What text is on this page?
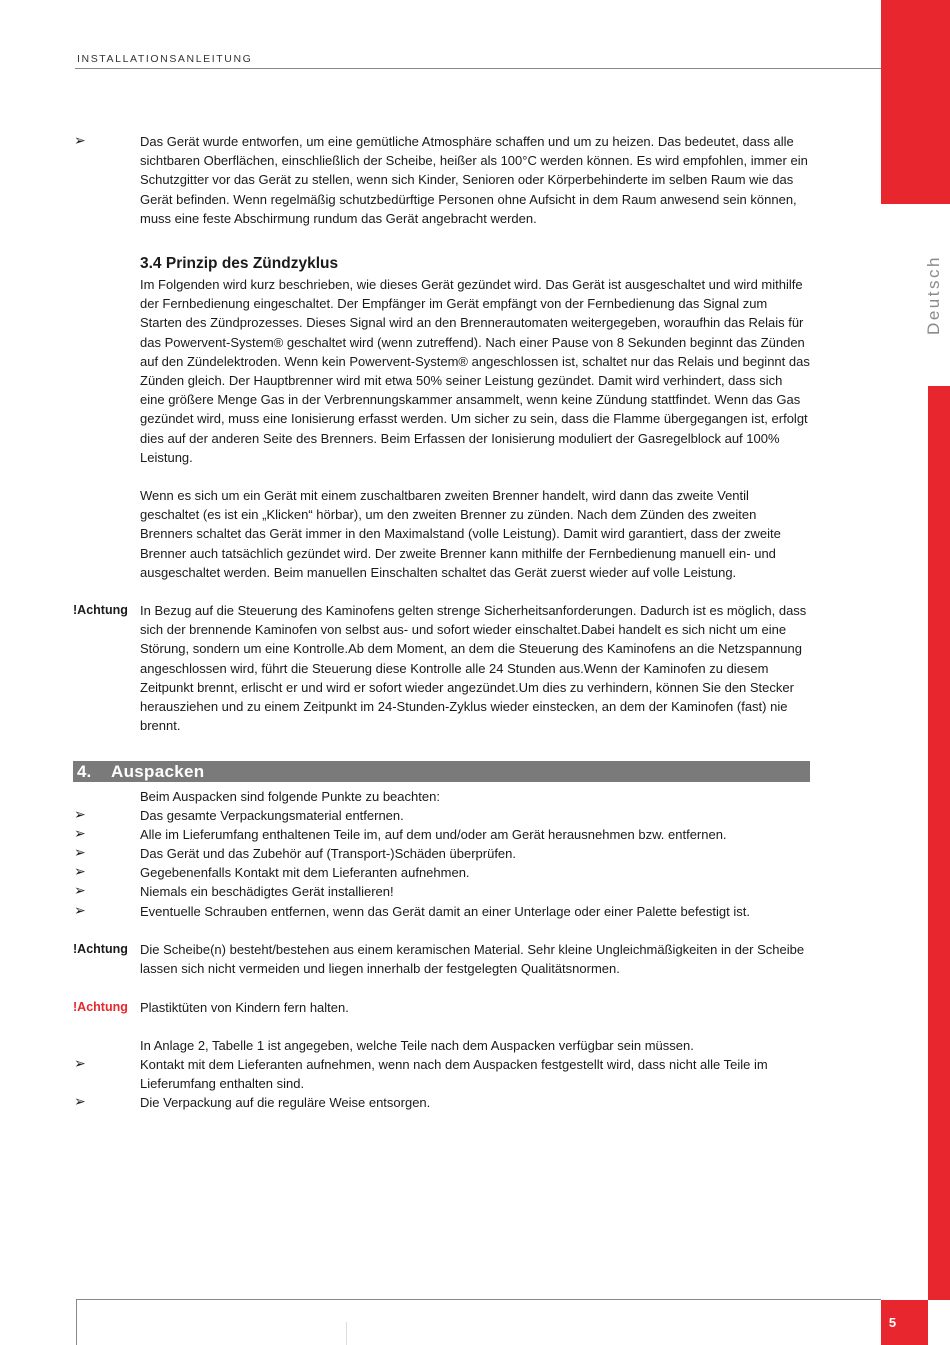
INSTALLATIONSANLEITUNG
Deutsch
➢	Das Gerät wurde entworfen, um eine gemütliche Atmosphäre schaffen und um zu heizen. Das bedeutet, dass alle sichtbaren Oberflächen, einschließlich der Scheibe, heißer als 100°C werden können. Es wird empfohlen, immer ein Schutzgitter vor das Gerät zu stellen, wenn sich Kinder, Senioren oder Körperbehinderte im selben Raum wie das Gerät befinden. Wenn regelmäßig schutzbedürftige Personen ohne Aufsicht in dem Raum anwesend sein können, muss eine feste Abschirmung rundum das Gerät angebracht werden.
3.4 Prinzip des Zündzyklus
Im Folgenden wird kurz beschrieben, wie dieses Gerät gezündet wird. Das Gerät ist ausgeschaltet und wird mithilfe der Fernbedienung eingeschaltet. Der Empfänger im Gerät empfängt von der Fernbedienung das Signal zum Starten des Zündprozesses. Dieses Signal wird an den Brennerautomaten weitergegeben, woraufhin das Relais für das Powervent-System® geschaltet wird (wenn zutreffend). Nach einer Pause von 8 Sekunden beginnt das Zünden auf den Zündelektroden. Wenn kein Powervent-System® angeschlossen ist, schaltet nur das Relais und beginnt das Zünden gleich. Der Hauptbrenner wird mit etwa 50% seiner Leistung gezündet. Damit wird verhindert, dass sich eine größere Menge Gas in der Verbrennungskammer ansammelt, wenn keine Zündung stattfindet. Wenn das Gas gezündet wird, muss eine Ionisierung erfasst werden. Um sicher zu sein, dass die Flamme übergegangen ist, erfolgt dies auf der anderen Seite des Brenners. Beim Erfassen der Ionisierung moduliert der Gasregelblock auf 100% Leistung.
Wenn es sich um ein Gerät mit einem zuschaltbaren zweiten Brenner handelt, wird dann das zweite Ventil geschaltet (es ist ein „Klicken“ hörbar), um den zweiten Brenner zu zünden. Nach dem Zünden des zweiten Brenners schaltet das Gerät immer in den Maximalstand (volle Leistung). Damit wird garantiert, dass der zweite Brenner auch tatsächlich gezündet wird. Der zweite Brenner kann mithilfe der Fernbedienung manuell ein- und ausgeschaltet werden. Beim manuellen Einschalten schaltet das Gerät zuerst wieder auf volle Leistung.
!Achtung In Bezug auf die Steuerung des Kaminofens gelten strenge Sicherheitsanforderungen. Dadurch ist es möglich, dass sich der brennende Kaminofen von selbst aus- und sofort wieder einschaltet.Dabei handelt es sich nicht um eine Störung, sondern um eine Kontrolle.Ab dem Moment, an dem die Steuerung des Kaminofens an die Netzspannung angeschlossen wird, führt die Steuerung diese Kontrolle alle 24 Stunden aus.Wenn der Kaminofen zu diesem Zeitpunkt brennt, erlischt er und wird er sofort wieder angezündet.Um dies zu verhindern, können Sie den Stecker herausziehen und zu einem Zeitpunkt im 24-Stunden-Zyklus wieder einstecken, an dem der Kaminofen (fast) nie brennt.
4. Auspacken
Beim Auspacken sind folgende Punkte zu beachten:
➢	Das gesamte Verpackungsmaterial entfernen.
➢	Alle im Lieferumfang enthaltenen Teile im, auf dem und/oder am Gerät herausnehmen bzw. entfernen.
➢	Das Gerät und das Zubehör auf (Transport-)Schäden überprüfen.
➢	Gegebenenfalls Kontakt mit dem Lieferanten aufnehmen.
➢	Niemals ein beschädigtes Gerät installieren!
➢	Eventuelle Schrauben entfernen, wenn das Gerät damit an einer Unterlage oder einer Palette befestigt ist.
!Achtung Die Scheibe(n) besteht/bestehen aus einem keramischen Material. Sehr kleine Ungleichmäßigkeiten in der Scheibe lassen sich nicht vermeiden und liegen innerhalb der festgelegten Qualitätsnormen.
!Achtung Plastiktüten von Kindern fern halten.
In Anlage 2, Tabelle 1 ist angegeben, welche Teile nach dem Auspacken verfügbar sein müssen.
➢	Kontakt mit dem Lieferanten aufnehmen, wenn nach dem Auspacken festgestellt wird, dass nicht alle Teile im Lieferumfang enthalten sind.
➢	Die Verpackung auf die reguläre Weise entsorgen.
5
